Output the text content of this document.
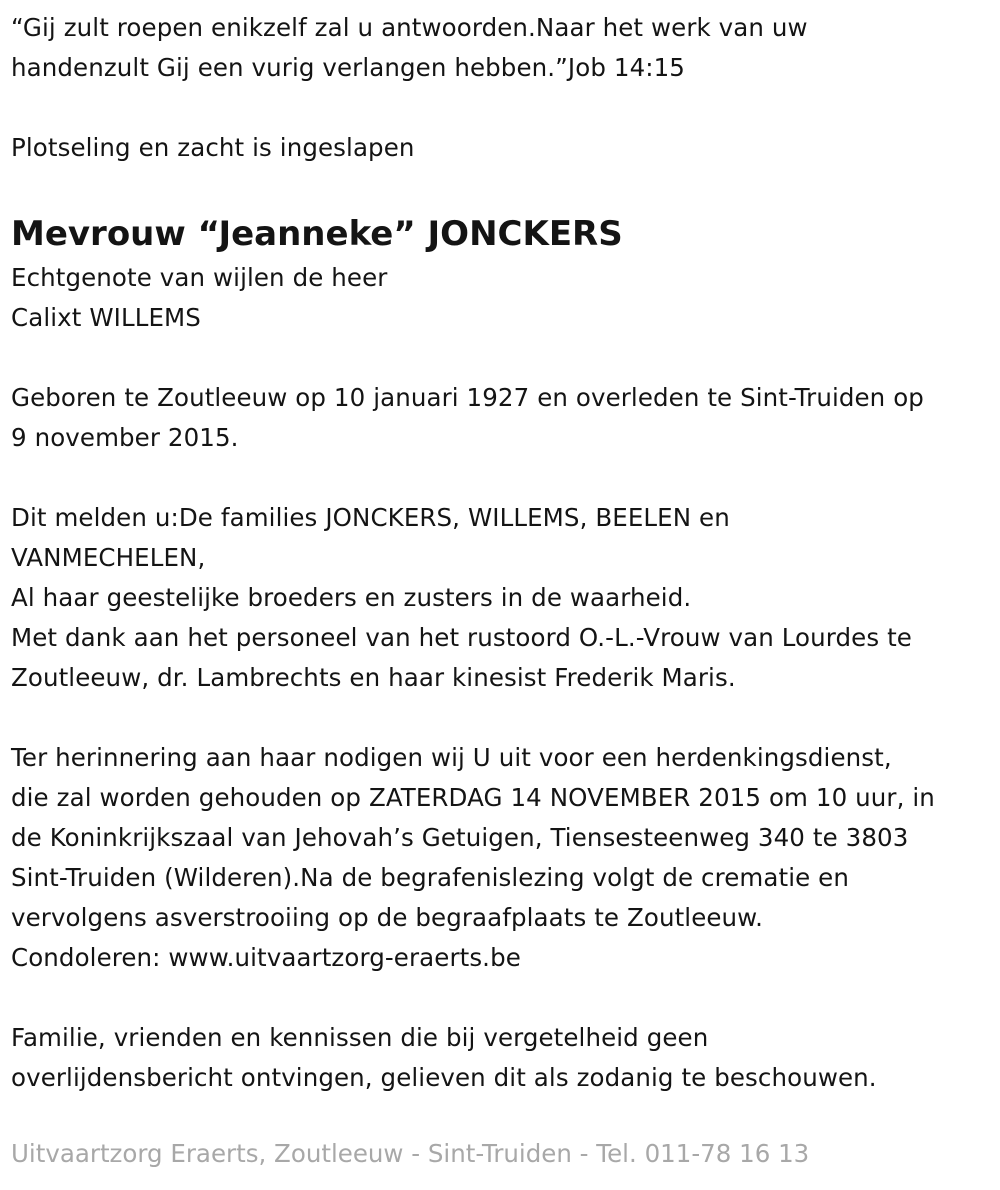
“Gij zult roepen enikzelf zal u antwoorden.Naar het werk van uw
handenzult Gij een vurig verlangen hebben.”Job 14:15
Plotseling en zacht is ingeslapen
Mevrouw “Jeanneke” JONCKERS
Echtgenote van wijlen de heer
Calixt WILLEMS
Geboren te Zoutleeuw op 10 januari 1927 en overleden te Sint-Truiden op
9 november 2015.
Dit melden u:De families JONCKERS, WILLEMS, BEELEN en
VANMECHELEN,
Al haar geestelijke broeders en zusters in de waarheid.
Met dank aan het personeel van het rustoord O.-L.-Vrouw van Lourdes te
Zoutleeuw, dr. Lambrechts en haar kinesist Frederik Maris.
Ter herinnering aan haar nodigen wij U uit voor een herdenkingsdienst,
die zal worden gehouden op ZATERDAG 14 NOVEMBER 2015 om 10 uur, in
de Koninkrijkszaal van Jehovah’s Getuigen, Tiensesteenweg 340 te 3803
Sint-Truiden (Wilderen).Na de begrafenislezing volgt de crematie en
vervolgens asverstrooiing op de begraafplaats te Zoutleeuw.
Condoleren: www.uitvaartzorg-eraerts.be
Familie, vrienden en kennissen die bij vergetelheid geen
overlijdensbericht ontvingen, gelieven dit als zodanig te beschouwen.
Uitvaartzorg Eraerts, Zoutleeuw - Sint-Truiden - Tel. 011-78 16 13
